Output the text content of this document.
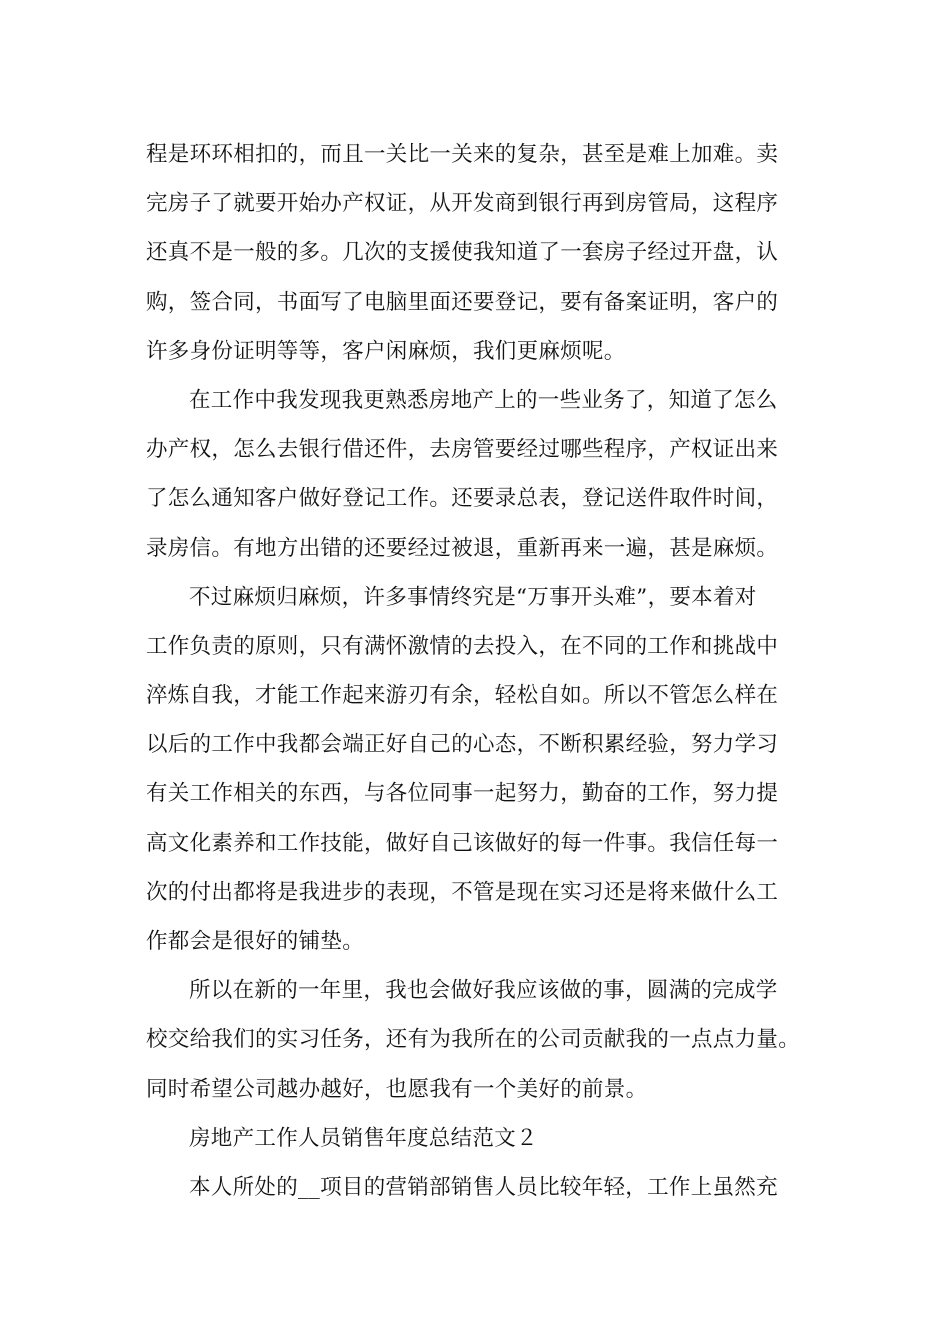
程是环环相扣的，而且一关比一关来的复杂，甚至是难上加难。卖
完房子了就要开始办产权证，从开发商到银行再到房管局，这程序
还真不是一般的多。几次的支援使我知道了一套房子经过开盘，认
购，签合同，书面写了电脑里面还要登记，要有备案证明，客户的
许多身份证明等等，客户闲麻烦，我们更麻烦呢。
在工作中我发现我更熟悉房地产上的一些业务了，知道了怎么
办产权，怎么去银行借还件，去房管要经过哪些程序，产权证出来
了怎么通知客户做好登记工作。还要录总表，登记送件取件时间，
录房信。有地方出错的还要经过被退，重新再来一遍，甚是麻烦。
不过麻烦归麻烦，许多事情终究是“万事开头难”，要本着对
工作负责的原则，只有满怀激情的去投入，在不同的工作和挑战中
淬炼自我，才能工作起来游刃有余，轻松自如。所以不管怎么样在
以后的工作中我都会端正好自己的心态，不断积累经验，努力学习
有关工作相关的东西，与各位同事一起努力，勤奋的工作，努力提
高文化素养和工作技能，做好自己该做好的每一件事。我信任每一
次的付出都将是我进步的表现，不管是现在实习还是将来做什么工
作都会是很好的铺垫。
所以在新的一年里，我也会做好我应该做的事，圆满的完成学
校交给我们的实习任务，还有为我所在的公司贡献我的一点点力量。
同时希望公司越办越好，也愿我有一个美好的前景。
房地产工作人员销售年度总结范文２
本人所处的__项目的营销部销售人员比较年轻，工作上虽然充
